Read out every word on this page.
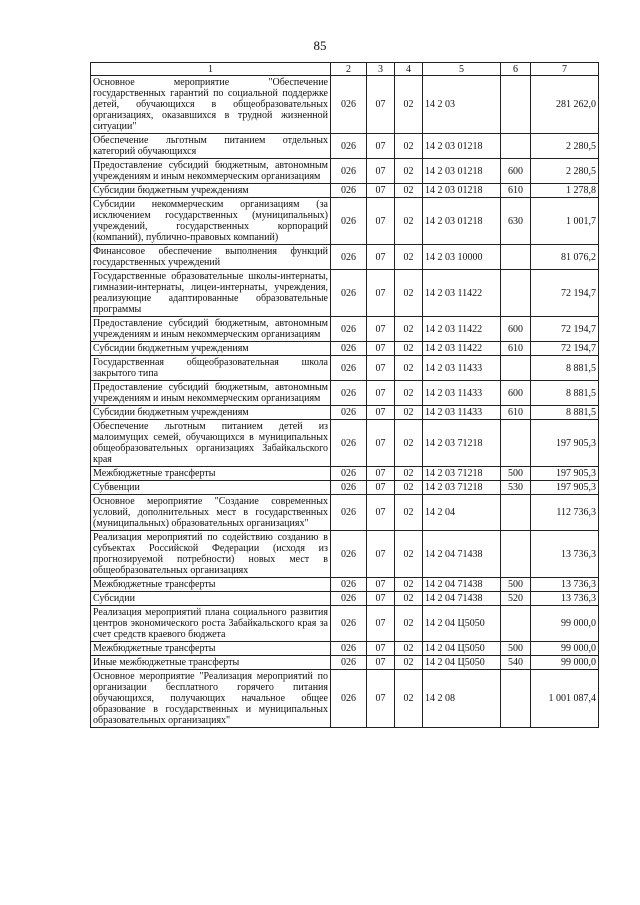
85
1	2	3	4	5	6	7
Основное мероприятие "Обеспечение государственных гарантий по социальной поддержке детей, обучающихся в общеобразовательных организациях, оказавшихся в трудной жизненной ситуации"	026	07	02	14 2 03		281 262,0
Обеспечение льготным питанием отдельных категорий обучающихся	026	07	02	14 2 03 01218		2 280,5
Предоставление субсидий бюджетным, автономным учреждениям и иным некоммерческим организациям	026	07	02	14 2 03 01218	600	2 280,5
Субсидии бюджетным учреждениям	026	07	02	14 2 03 01218	610	1 278,8
Субсидии некоммерческим организациям (за исключением государственных (муниципальных) учреждений, государственных корпораций (компаний), публично-правовых компаний)	026	07	02	14 2 03 01218	630	1 001,7
Финансовое обеспечение выполнения функций государственных учреждений	026	07	02	14 2 03 10000		81 076,2
Государственные образовательные школы-интернаты, гимназии-интернаты, лицеи-интернаты, учреждения, реализующие адаптированные образовательные программы	026	07	02	14 2 03 11422		72 194,7
Предоставление субсидий бюджетным, автономным учреждениям и иным некоммерческим организациям	026	07	02	14 2 03 11422	600	72 194,7
Субсидии бюджетным учреждениям	026	07	02	14 2 03 11422	610	72 194,7
Государственная общеобразовательная школа закрытого типа	026	07	02	14 2 03 11433		8 881,5
Предоставление субсидий бюджетным, автономным учреждениям и иным некоммерческим организациям	026	07	02	14 2 03 11433	600	8 881,5
Субсидии бюджетным учреждениям	026	07	02	14 2 03 11433	610	8 881,5
Обеспечение льготным питанием детей из малоимущих семей, обучающихся в муниципальных общеобразовательных организациях Забайкальского края	026	07	02	14 2 03 71218		197 905,3
Межбюджетные трансферты	026	07	02	14 2 03 71218	500	197 905,3
Субвенции	026	07	02	14 2 03 71218	530	197 905,3
Основное мероприятие "Создание современных условий, дополнительных мест в государственных (муниципальных) образовательных организациях"	026	07	02	14 2 04		112 736,3
Реализация мероприятий по содействию созданию в субъектах Российской Федерации (исходя из прогнозируемой потребности) новых мест в общеобразовательных организациях	026	07	02	14 2 04 71438		13 736,3
Межбюджетные трансферты	026	07	02	14 2 04 71438	500	13 736,3
Субсидии	026	07	02	14 2 04 71438	520	13 736,3
Реализация мероприятий плана социального развития центров экономического роста Забайкальского края за счет средств краевого бюджета	026	07	02	14 2 04 Ц5050		99 000,0
Межбюджетные трансферты	026	07	02	14 2 04 Ц5050	500	99 000,0
Иные межбюджетные трансферты	026	07	02	14 2 04 Ц5050	540	99 000,0
Основное мероприятие "Реализация мероприятий по организации бесплатного горячего питания обучающихся, получающих начальное общее образование в государственных и муниципальных образовательных организациях"	026	07	02	14 2 08		1 001 087,4
